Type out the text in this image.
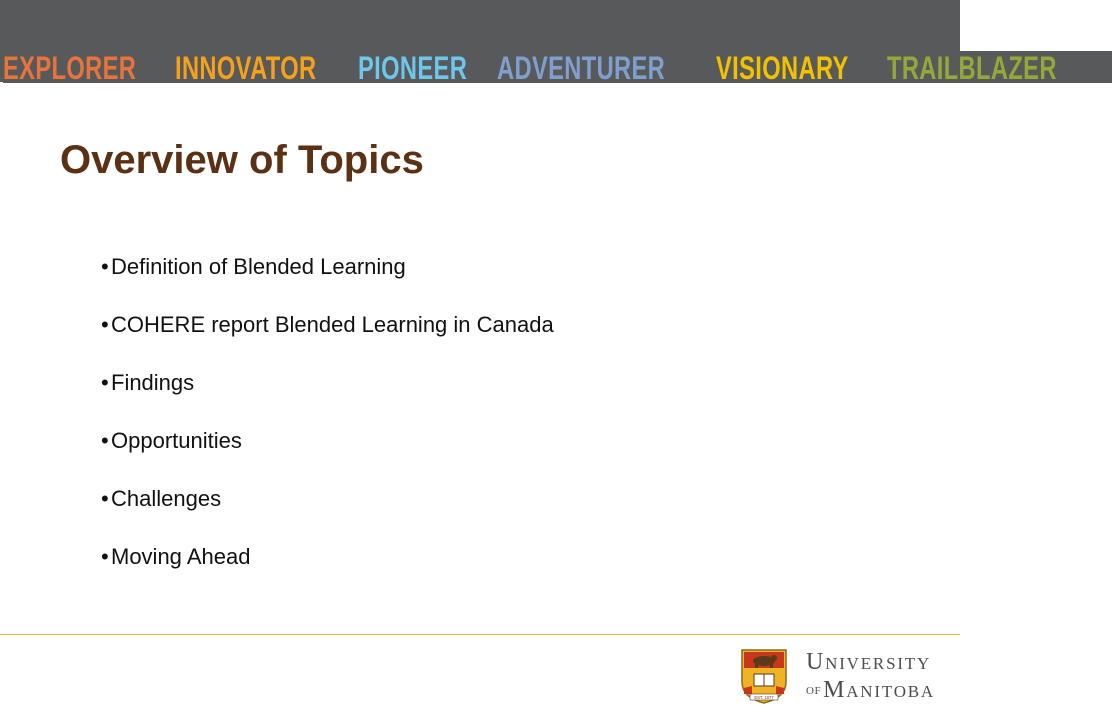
EXPLORER INNOVATOR PIONEER ADVENTURER VISIONARY TRAILBLAZER
Overview of Topics
• Definition of Blended Learning
• COHERE report Blended Learning in Canada
• Findings
• Opportunities
• Challenges
• Moving Ahead
EST. 1877
University
OFManitoba
